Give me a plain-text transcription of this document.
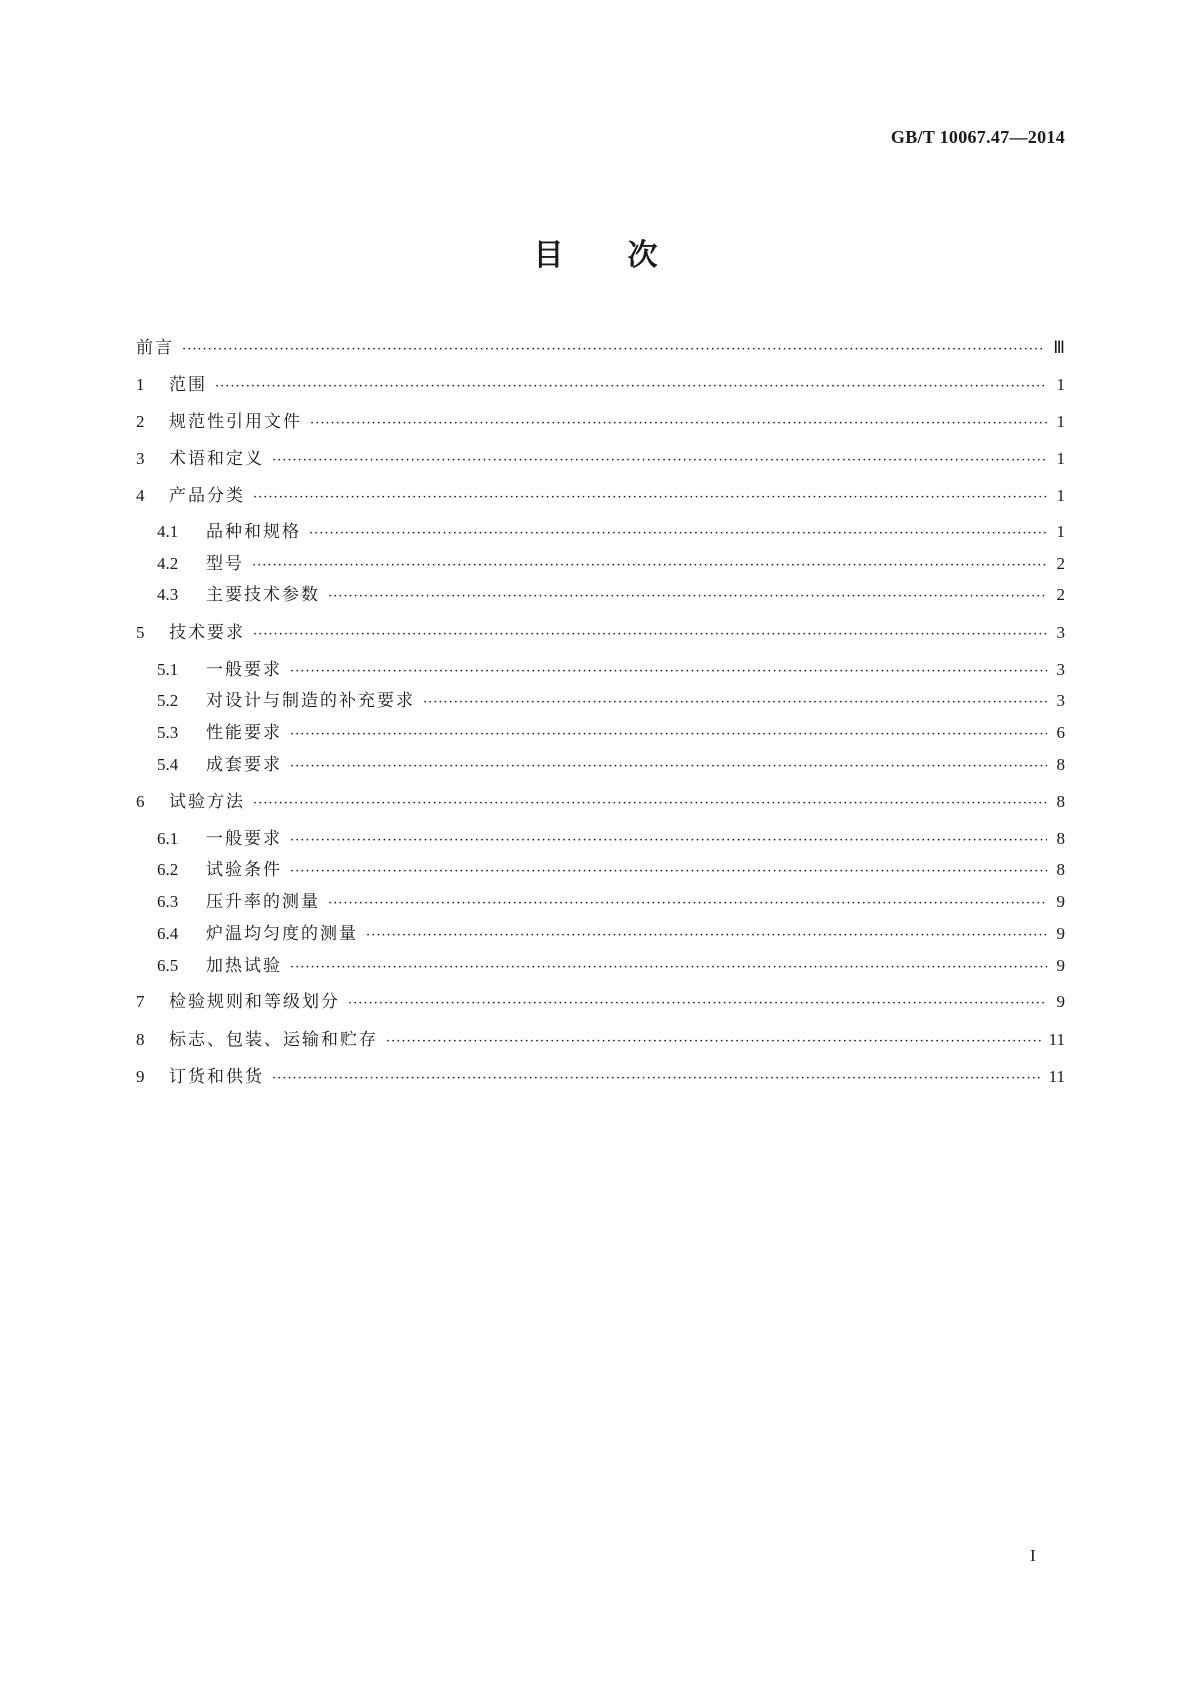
GB/T 10067.47—2014
目 次
前言 ·····	Ⅲ
1	范围 ·····	1
2	规范性引用文件 ·····	1
3	术语和定义 ·····	1
4	产品分类 ·····	1
4.1	品种和规格 ·····	1
4.2	型号 ·····	2
4.3	主要技术参数 ·····	2
5	技术要求 ·····	3
5.1	一般要求 ·····	3
5.2	对设计与制造的补充要求 ·····	3
5.3	性能要求 ·····	6
5.4	成套要求 ·····	8
6	试验方法 ·····	8
6.1	一般要求 ·····	8
6.2	试验条件 ·····	8
6.3	压升率的测量 ·····	9
6.4	炉温均匀度的测量 ·····	9
6.5	加热试验 ·····	9
7	检验规则和等级划分 ·····	9
8	标志、包装、运输和贮存 ·····	11
9	订货和供货 ·····	11
I
